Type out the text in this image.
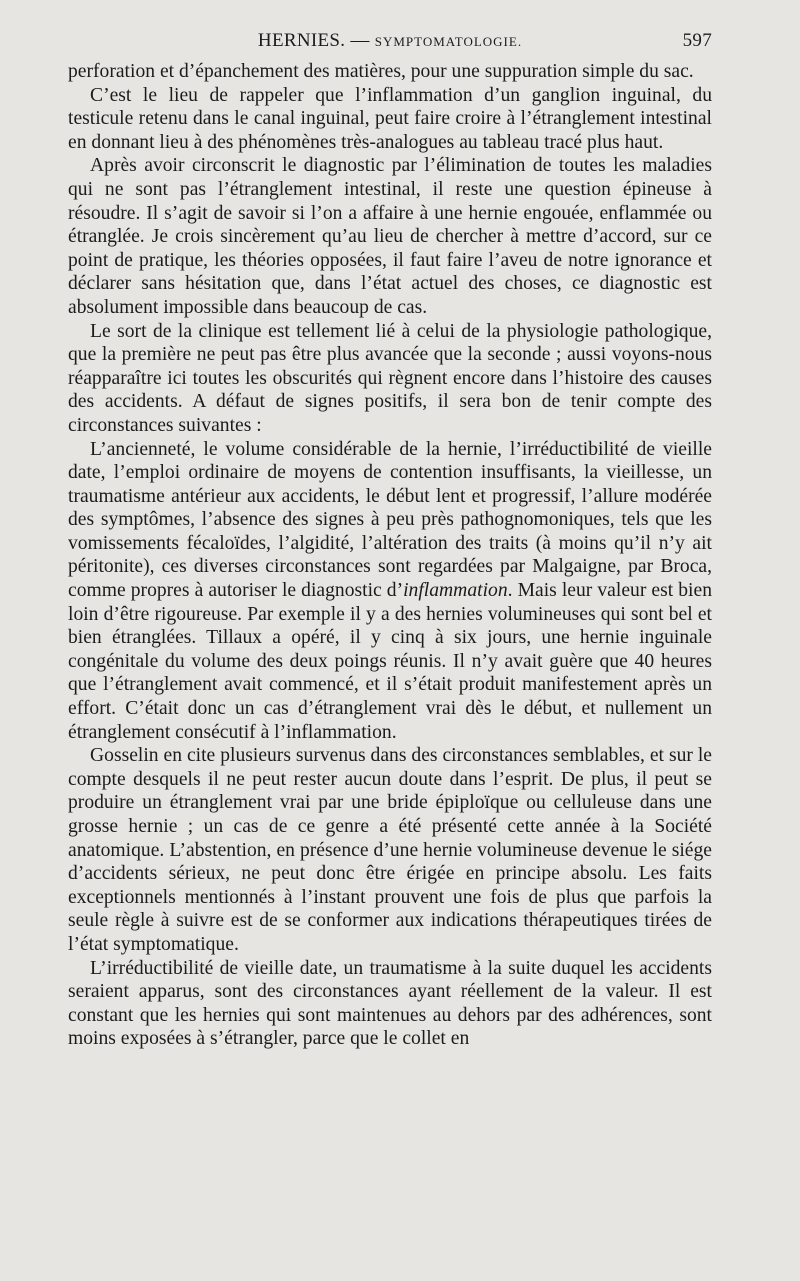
HERNIES. — SYMPTOMATOLOGIE.	597

perforation et d’épanchement des matières, pour une suppuration simple du sac.

C’est le lieu de rappeler que l’inflammation d’un ganglion inguinal, du testicule retenu dans le canal inguinal, peut faire croire à l’étranglement intestinal en donnant lieu à des phénomènes très-analogues au tableau tracé plus haut.

Après avoir circonscrit le diagnostic par l’élimination de toutes les maladies qui ne sont pas l’étranglement intestinal, il reste une question épineuse à résoudre. Il s’agit de savoir si l’on a affaire à une hernie engouée, enflammée ou étranglée. Je crois sincèrement qu’au lieu de chercher à mettre d’accord, sur ce point de pratique, les théories opposées, il faut faire l’aveu de notre ignorance et déclarer sans hésitation que, dans l’état actuel des choses, ce diagnostic est absolument impossible dans beaucoup de cas.

Le sort de la clinique est tellement lié à celui de la physiologie pathologique, que la première ne peut pas être plus avancée que la seconde ; aussi voyons-nous réapparaître ici toutes les obscurités qui règnent encore dans l’histoire des causes des accidents. A défaut de signes positifs, il sera bon de tenir compte des circonstances suivantes :

L’ancienneté, le volume considérable de la hernie, l’irréductibilité de vieille date, l’emploi ordinaire de moyens de contention insuffisants, la vieillesse, un traumatisme antérieur aux accidents, le début lent et progressif, l’allure modérée des symptômes, l’absence des signes à peu près pathognomoniques, tels que les vomissements fécaloïdes, l’algidité, l’altération des traits (à moins qu’il n’y ait péritonite), ces diverses circonstances sont regardées par Malgaigne, par Broca, comme propres à autoriser le diagnostic d’inflammation. Mais leur valeur est bien loin d’être rigoureuse. Par exemple il y a des hernies volumineuses qui sont bel et bien étranglées. Tillaux a opéré, il y cinq à six jours, une hernie inguinale congénitale du volume des deux poings réunis. Il n’y avait guère que 40 heures que l’étranglement avait commencé, et il s’était produit manifestement après un effort. C’était donc un cas d’étranglement vrai dès le début, et nullement un étranglement consécutif à l’inflammation.

Gosselin en cite plusieurs survenus dans des circonstances semblables, et sur le compte desquels il ne peut rester aucun doute dans l’esprit. De plus, il peut se produire un étranglement vrai par une bride épiploïque ou celluleuse dans une grosse hernie ; un cas de ce genre a été présenté cette année à la Société anatomique. L’abstention, en présence d’une hernie volumineuse devenue le siége d’accidents sérieux, ne peut donc être érigée en principe absolu. Les faits exceptionnels mentionnés à l’instant prouvent une fois de plus que parfois la seule règle à suivre est de se conformer aux indications thérapeutiques tirées de l’état symptomatique.

L’irréductibilité de vieille date, un traumatisme à la suite duquel les accidents seraient apparus, sont des circonstances ayant réellement de la valeur. Il est constant que les hernies qui sont maintenues au dehors par des adhérences, sont moins exposées à s’étrangler, parce que le collet en
